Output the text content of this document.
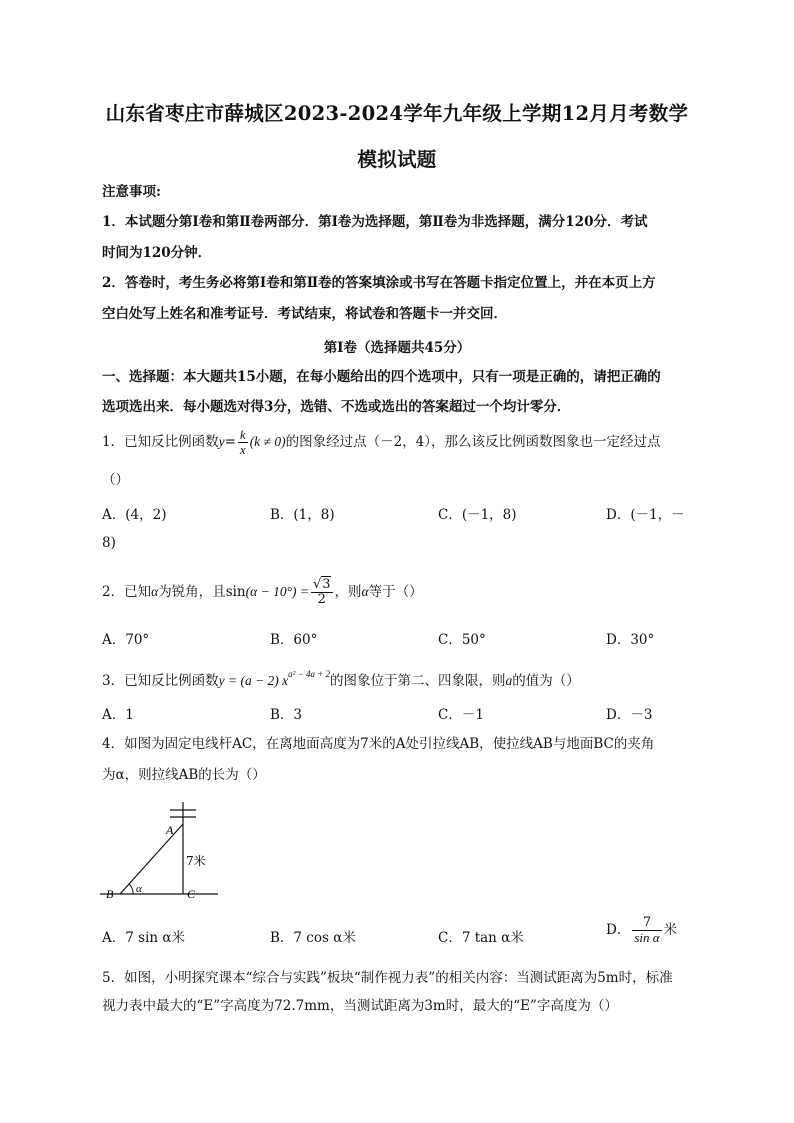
山东省枣庄市薛城区2023-2024学年九年级上学期12月月考数学
模拟试题
注意事项:
1．本试题分第Ⅰ卷和第Ⅱ卷两部分．第Ⅰ卷为选择题，第Ⅱ卷为非选择题，满分120分．考试
时间为120分钟．
2．答卷时，考生务必将第Ⅰ卷和第Ⅱ卷的答案填涂或书写在答题卡指定位置上，并在本页上方
空白处写上姓名和准考证号．考试结束，将试卷和答题卡一并交回．
第Ⅰ卷（选择题共45分）
一、选择题：本大题共15小题，在每小题给出的四个选项中，只有一项是正确的，请把正确的
选项选出来．每小题选对得3分，选错、不选或选出的答案超过一个均计零分．
1．已知反比例函数$y= \frac{k}{x} (k \ne 0)$的图象经过点（－2，4），那么该反比例函数图象也一定经过点
（）
A．(4，2)	B．(1，8)	C．(－1，8)	D．(－1，－
8)
2．已知α为锐角，且$\sin(\alpha - 10^\circ) = \frac{√3}{2}$ ，则α等于（）
A．70°	B．60°	C．50°	D．30°
3．已知反比例函数y = (a − 2) $x^{a^2 - 4a + 2}$的图象位于第二、四象限，则a的值为（）
A．1	B．3	C．－1	D．－3
4．如图为固定电线杆AC，在离地面高度为7米的A处引拉线AB，使拉线AB与地面BC的夹角
为α，则拉线AB的长为（）
A
B	C
α
7米
A．7 sin α米	B．7 cos α米	C．7 tan α米	D． $\frac{7}{\text{sin α}}$ 米
5．如图，小明探究课本“综合与实践”板块“制作视力表”的相关内容：当测试距离为5m时，标准
视力表中最大的“E”字高度为72.7mm，当测试距离为3m时，最大的“E”字高度为（）
